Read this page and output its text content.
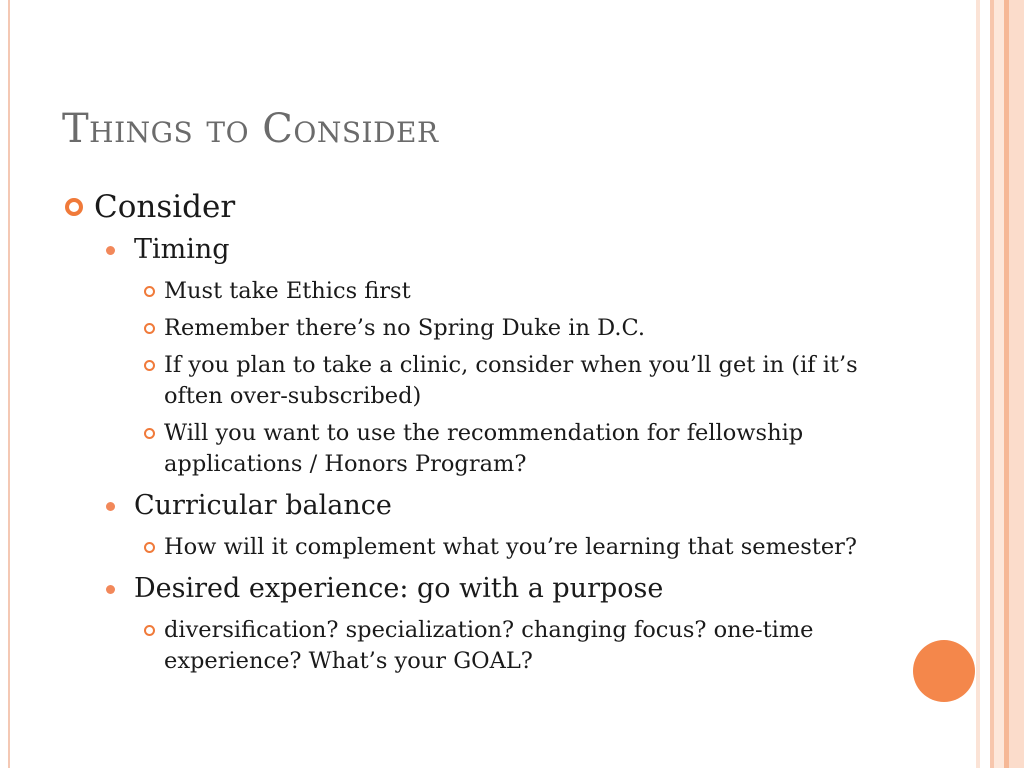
Things to Consider
Consider
Timing
Must take Ethics first
Remember there’s no Spring Duke in D.C.
If you plan to take a clinic, consider when you’ll get in (if it’s often over-subscribed)
Will you want to use the recommendation for fellowship applications / Honors Program?
Curricular balance
How will it complement what you’re learning that semester?
Desired experience: go with a purpose
diversification? specialization? changing focus? one-time experience? What’s your GOAL?
